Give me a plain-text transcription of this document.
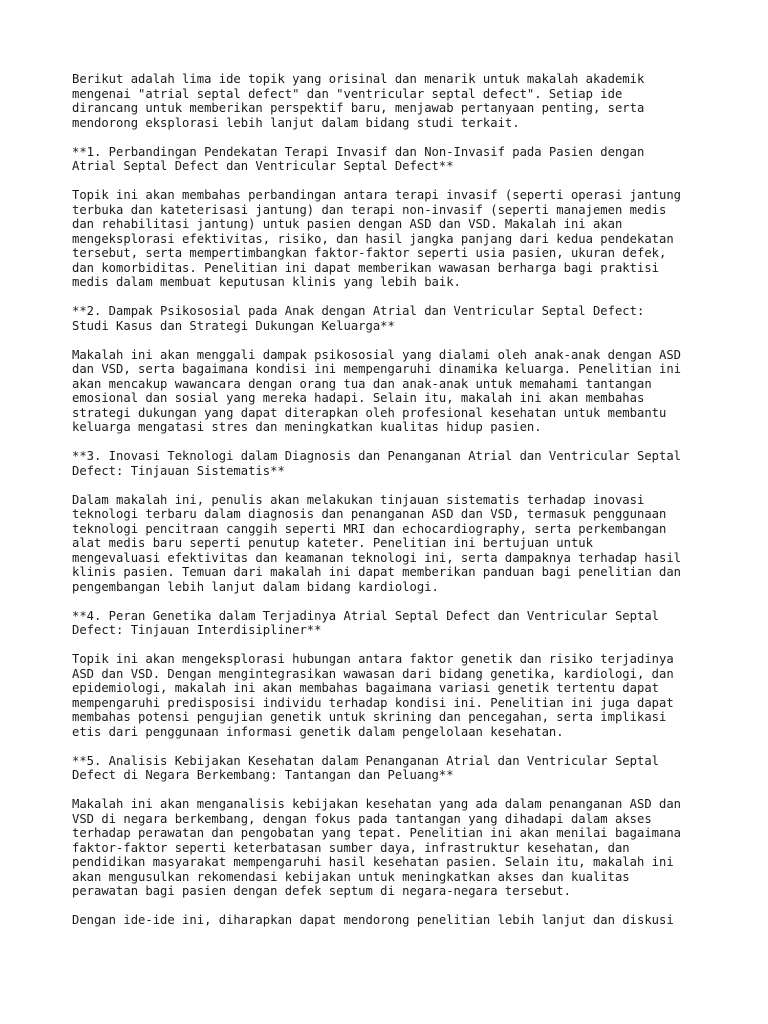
Berikut adalah lima ide topik yang orisinal dan menarik untuk makalah akademik
mengenai "atrial septal defect" dan "ventricular septal defect". Setiap ide
dirancang untuk memberikan perspektif baru, menjawab pertanyaan penting, serta
mendorong eksplorasi lebih lanjut dalam bidang studi terkait.

**1. Perbandingan Pendekatan Terapi Invasif dan Non-Invasif pada Pasien dengan
Atrial Septal Defect dan Ventricular Septal Defect**

Topik ini akan membahas perbandingan antara terapi invasif (seperti operasi jantung
terbuka dan kateterisasi jantung) dan terapi non-invasif (seperti manajemen medis
dan rehabilitasi jantung) untuk pasien dengan ASD dan VSD. Makalah ini akan
mengeksplorasi efektivitas, risiko, dan hasil jangka panjang dari kedua pendekatan
tersebut, serta mempertimbangkan faktor-faktor seperti usia pasien, ukuran defek,
dan komorbiditas. Penelitian ini dapat memberikan wawasan berharga bagi praktisi
medis dalam membuat keputusan klinis yang lebih baik.

**2. Dampak Psikososial pada Anak dengan Atrial dan Ventricular Septal Defect:
Studi Kasus dan Strategi Dukungan Keluarga**

Makalah ini akan menggali dampak psikososial yang dialami oleh anak-anak dengan ASD
dan VSD, serta bagaimana kondisi ini mempengaruhi dinamika keluarga. Penelitian ini
akan mencakup wawancara dengan orang tua dan anak-anak untuk memahami tantangan
emosional dan sosial yang mereka hadapi. Selain itu, makalah ini akan membahas
strategi dukungan yang dapat diterapkan oleh profesional kesehatan untuk membantu
keluarga mengatasi stres dan meningkatkan kualitas hidup pasien.

**3. Inovasi Teknologi dalam Diagnosis dan Penanganan Atrial dan Ventricular Septal
Defect: Tinjauan Sistematis**

Dalam makalah ini, penulis akan melakukan tinjauan sistematis terhadap inovasi
teknologi terbaru dalam diagnosis dan penanganan ASD dan VSD, termasuk penggunaan
teknologi pencitraan canggih seperti MRI dan echocardiography, serta perkembangan
alat medis baru seperti penutup kateter. Penelitian ini bertujuan untuk
mengevaluasi efektivitas dan keamanan teknologi ini, serta dampaknya terhadap hasil
klinis pasien. Temuan dari makalah ini dapat memberikan panduan bagi penelitian dan
pengembangan lebih lanjut dalam bidang kardiologi.

**4. Peran Genetika dalam Terjadinya Atrial Septal Defect dan Ventricular Septal
Defect: Tinjauan Interdisipliner**

Topik ini akan mengeksplorasi hubungan antara faktor genetik dan risiko terjadinya
ASD dan VSD. Dengan mengintegrasikan wawasan dari bidang genetika, kardiologi, dan
epidemiologi, makalah ini akan membahas bagaimana variasi genetik tertentu dapat
mempengaruhi predisposisi individu terhadap kondisi ini. Penelitian ini juga dapat
membahas potensi pengujian genetik untuk skrining dan pencegahan, serta implikasi
etis dari penggunaan informasi genetik dalam pengelolaan kesehatan.

**5. Analisis Kebijakan Kesehatan dalam Penanganan Atrial dan Ventricular Septal
Defect di Negara Berkembang: Tantangan dan Peluang**

Makalah ini akan menganalisis kebijakan kesehatan yang ada dalam penanganan ASD dan
VSD di negara berkembang, dengan fokus pada tantangan yang dihadapi dalam akses
terhadap perawatan dan pengobatan yang tepat. Penelitian ini akan menilai bagaimana
faktor-faktor seperti keterbatasan sumber daya, infrastruktur kesehatan, dan
pendidikan masyarakat mempengaruhi hasil kesehatan pasien. Selain itu, makalah ini
akan mengusulkan rekomendasi kebijakan untuk meningkatkan akses dan kualitas
perawatan bagi pasien dengan defek septum di negara-negara tersebut.

Dengan ide-ide ini, diharapkan dapat mendorong penelitian lebih lanjut dan diskusi
